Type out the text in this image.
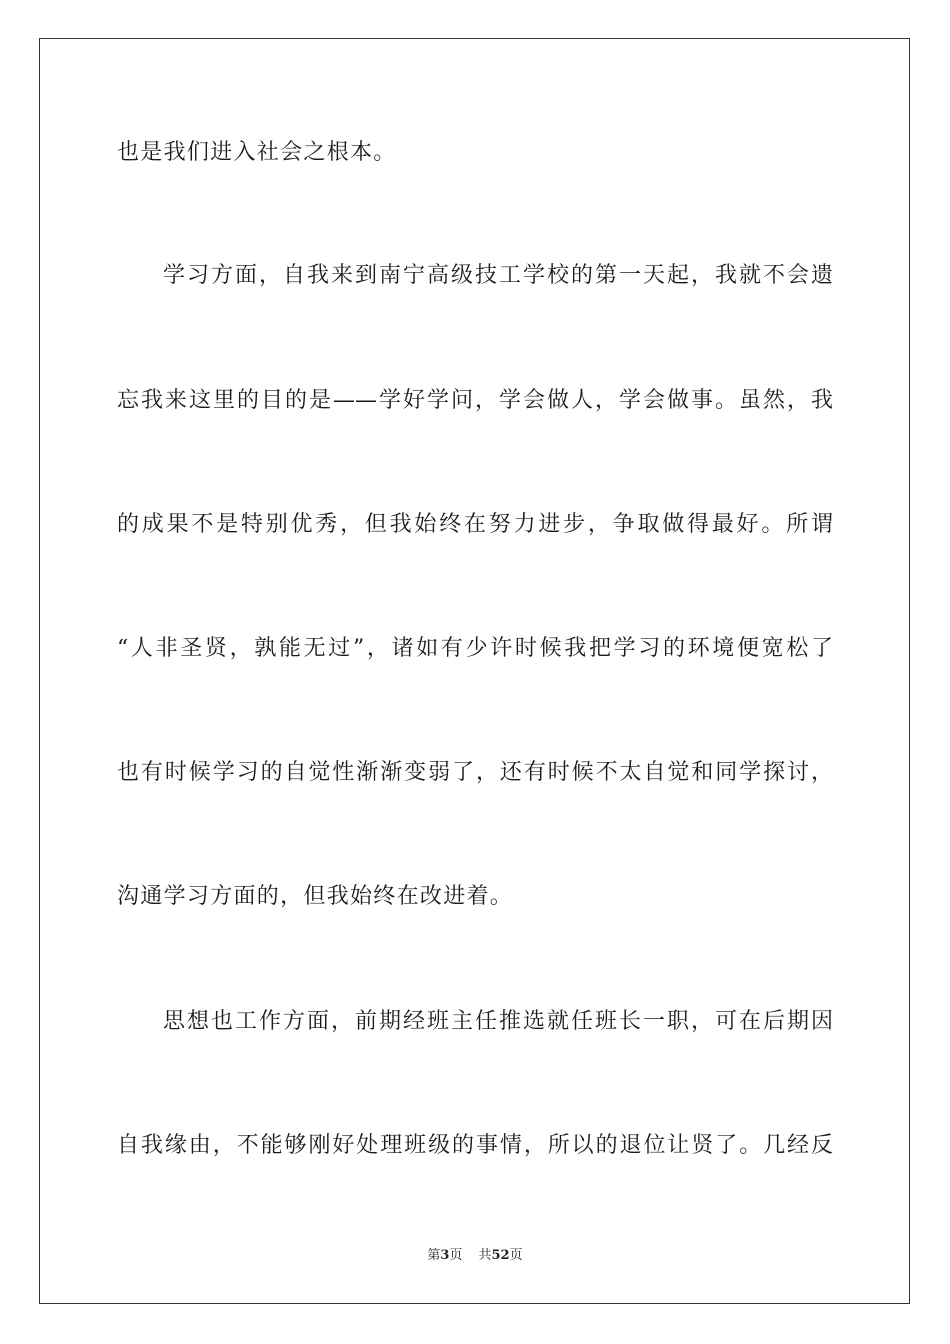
也是我们进入社会之根本。
学习方面，自我来到南宁高级技工学校的第一天起，我就不会遗
忘我来这里的目的是——学好学问，学会做人，学会做事。虽然，我
的成果不是特别优秀，但我始终在努力进步，争取做得最好。所谓
“人非圣贤，孰能无过”，诸如有少许时候我把学习的环境便宽松了
也有时候学习的自觉性渐渐变弱了，还有时候不太自觉和同学探讨，
沟通学习方面的，但我始终在改进着。
思想也工作方面，前期经班主任推选就任班长一职，可在后期因
自我缘由，不能够刚好处理班级的事情，所以的退位让贤了。几经反
第3页 共52页
